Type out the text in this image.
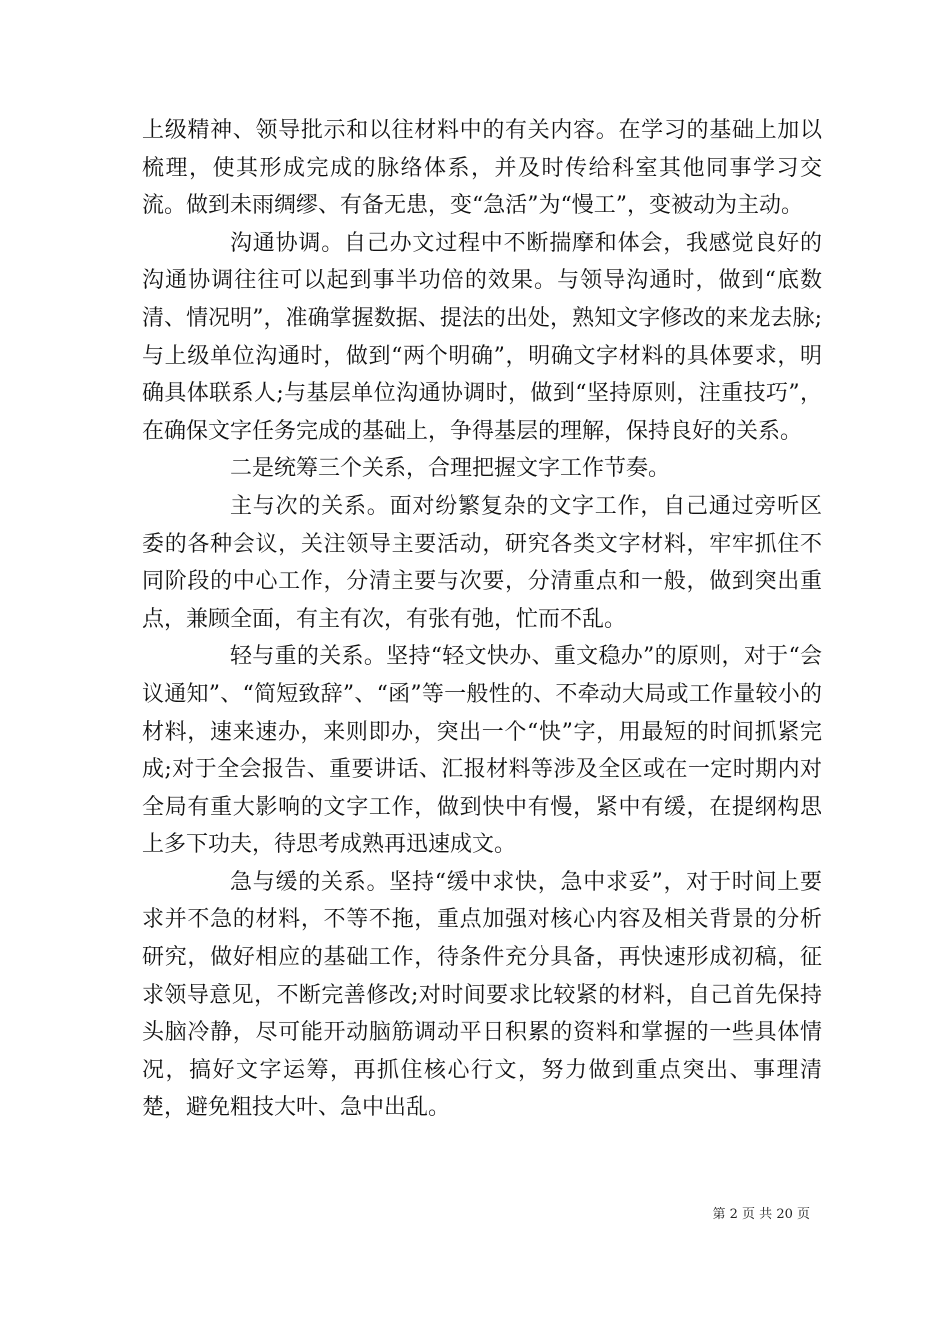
上级精神、领导批示和以往材料中的有关内容。在学习的基础上加以梳理，使其形成完成的脉络体系，并及时传给科室其他同事学习交流。做到未雨绸缪、有备无患，变“急活”为“慢工”，变被动为主动。

沟通协调。自己办文过程中不断揣摩和体会，我感觉良好的沟通协调往往可以起到事半功倍的效果。与领导沟通时，做到“底数清、情况明”，准确掌握数据、提法的出处，熟知文字修改的来龙去脉;与上级单位沟通时，做到“两个明确”，明确文字材料的具体要求，明确具体联系人;与基层单位沟通协调时，做到“坚持原则，注重技巧”，在确保文字任务完成的基础上，争得基层的理解，保持良好的关系。

二是统筹三个关系，合理把握文字工作节奏。

主与次的关系。面对纷繁复杂的文字工作，自己通过旁听区委的各种会议，关注领导主要活动，研究各类文字材料，牢牢抓住不同阶段的中心工作，分清主要与次要，分清重点和一般，做到突出重点，兼顾全面，有主有次，有张有弛，忙而不乱。

轻与重的关系。坚持“轻文快办、重文稳办”的原则，对于“会议通知”、“简短致辞”、“函”等一般性的、不牵动大局或工作量较小的材料，速来速办，来则即办，突出一个“快”字，用最短的时间抓紧完成;对于全会报告、重要讲话、汇报材料等涉及全区或在一定时期内对全局有重大影响的文字工作，做到快中有慢，紧中有缓，在提纲构思上多下功夫，待思考成熟再迅速成文。

急与缓的关系。坚持“缓中求快，急中求妥”，对于时间上要求并不急的材料，不等不拖，重点加强对核心内容及相关背景的分析研究，做好相应的基础工作，待条件充分具备，再快速形成初稿，征求领导意见，不断完善修改;对时间要求比较紧的材料，自己首先保持头脑冷静，尽可能开动脑筋调动平日积累的资料和掌握的一些具体情况，搞好文字运筹，再抓住核心行文，努力做到重点突出、事理清楚，避免粗技大叶、急中出乱。

第 2 页 共 20 页
